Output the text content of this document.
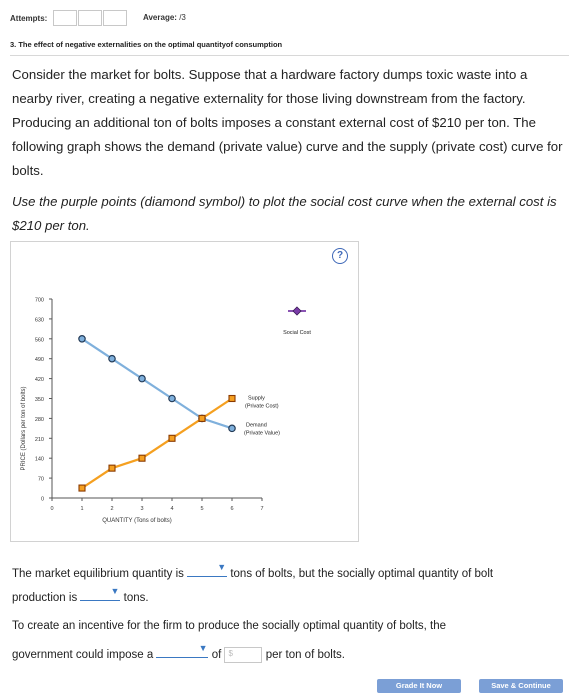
Attempts:	Average: /3
3. The effect of negative externalities on the optimal quantityof consumption
Consider the market for bolts. Suppose that a hardware factory dumps toxic waste into a
nearby river, creating a negative externality for those living downstream from the factory.
Producing an additional ton of bolts imposes a constant external cost of $210 per ton. The
following graph shows the demand (private value) curve and the supply (private cost) curve for
bolts.
Use the purple points (diamond symbol) to plot the social cost curve when the external cost is
$210 per ton.
0
70
140
210
280
350
420
490
560
630
700
0	1	2	3	4	5	6	7
QUANTITY (Tons of bolts)
PRICE (Dollars per ton of bolts)	Supply
(Private Cost)
Demand
(Private Value)
Social Cost
?
The market equilibrium quantity is
▼
tons of bolts, but the socially optimal quantity of bolt
production is
▼
tons.
To create an incentive for the firm to produce the socially optimal quantity of bolts, the
government could impose a
▼
of $	per ton of bolts.
Grade It Now	Save & Continue
